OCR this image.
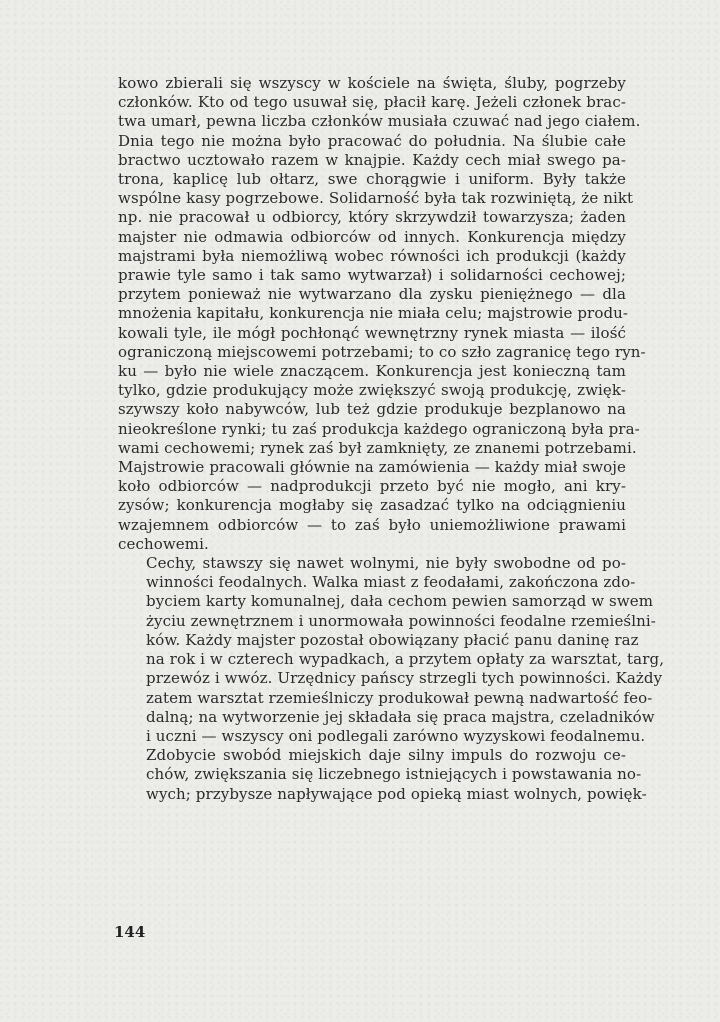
kowo zbierali się wszyscy w kościele na święta, śluby, pogrzeby
członków. Kto od tego usuwał się, płacił karę. Jeżeli członek brac-
twa umarł, pewna liczba członków musiała czuwać nad jego ciałem.
Dnia tego nie można było pracować do południa. Na ślubie całe
bractwo ucztowało razem w knajpie. Każdy cech miał swego pa-
trona, kaplicę lub ołtarz, swe chorągwie i uniform. Były także
wspólne kasy pogrzebowe. Solidarność była tak rozwiniętą, że nikt
np. nie pracował u odbiorcy, który skrzywdził towarzysza; żaden
majster nie odmawia odbiorców od innych. Konkurencja między
majstrami była niemożliwą wobec równości ich produkcji (każdy
prawie tyle samo i tak samo wytwarzał) i solidarności cechowej;
przytem ponieważ nie wytwarzano dla zysku pieniężnego — dla
mnożenia kapitału, konkurencja nie miała celu; majstrowie produ-
kowali tyle, ile mógł pochłonąć wewnętrzny rynek miasta — ilość
ograniczoną miejscowemi potrzebami; to co szło zagranicę tego ryn-
ku — było nie wiele znaczącem. Konkurencja jest konieczną tam
tylko, gdzie produkujący może zwiększyć swoją produkcję, zwięk-
szywszy koło nabywców, lub też gdzie produkuje bezplanowo na
nieokreślone rynki; tu zaś produkcja każdego ograniczoną była pra-
wami cechowemi; rynek zaś był zamknięty, ze znanemi potrzebami.
Majstrowie pracowali głównie na zamówienia — każdy miał swoje
koło odbiorców — nadprodukcji przeto być nie mogło, ani kry-
zysów; konkurencja mogłaby się zasadzać tylko na odciągnieniu
wzajemnem odbiorców — to zaś było uniemożliwione prawami
cechowemi.
Cechy, stawszy się nawet wolnymi, nie były swobodne od po-
winności feodalnych. Walka miast z feodałami, zakończona zdo-
byciem karty komunalnej, dała cechom pewien samorząd w swem
życiu zewnętrznem i unormowała powinności feodalne rzemieślni-
ków. Każdy majster pozostał obowiązany płacić panu daninę raz
na rok i w czterech wypadkach, a przytem opłaty za warsztat, targ,
przewóz i wwóz. Urzędnicy pańscy strzegli tych powinności. Każdy
zatem warsztat rzemieślniczy produkował pewną nadwartość feo-
dalną; na wytworzenie jej składała się praca majstra, czeladników
i uczni — wszyscy oni podlegali zarówno wyzyskowi feodalnemu.
Zdobycie swobód miejskich daje silny impuls do rozwoju ce-
chów, zwiększania się liczebnego istniejących i powstawania no-
wych; przybysze napływające pod opieką miast wolnych, powięk-
144
